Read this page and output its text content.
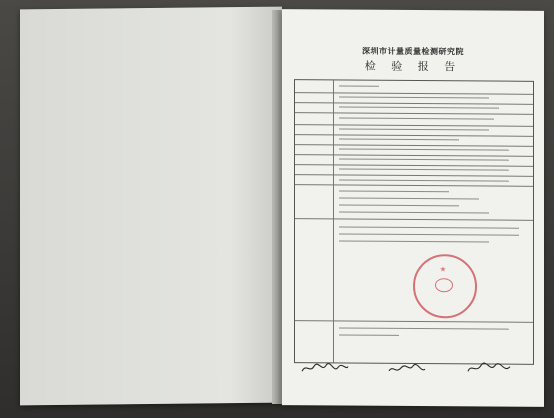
深圳市计量质量检测研究院
检 验 报 告
